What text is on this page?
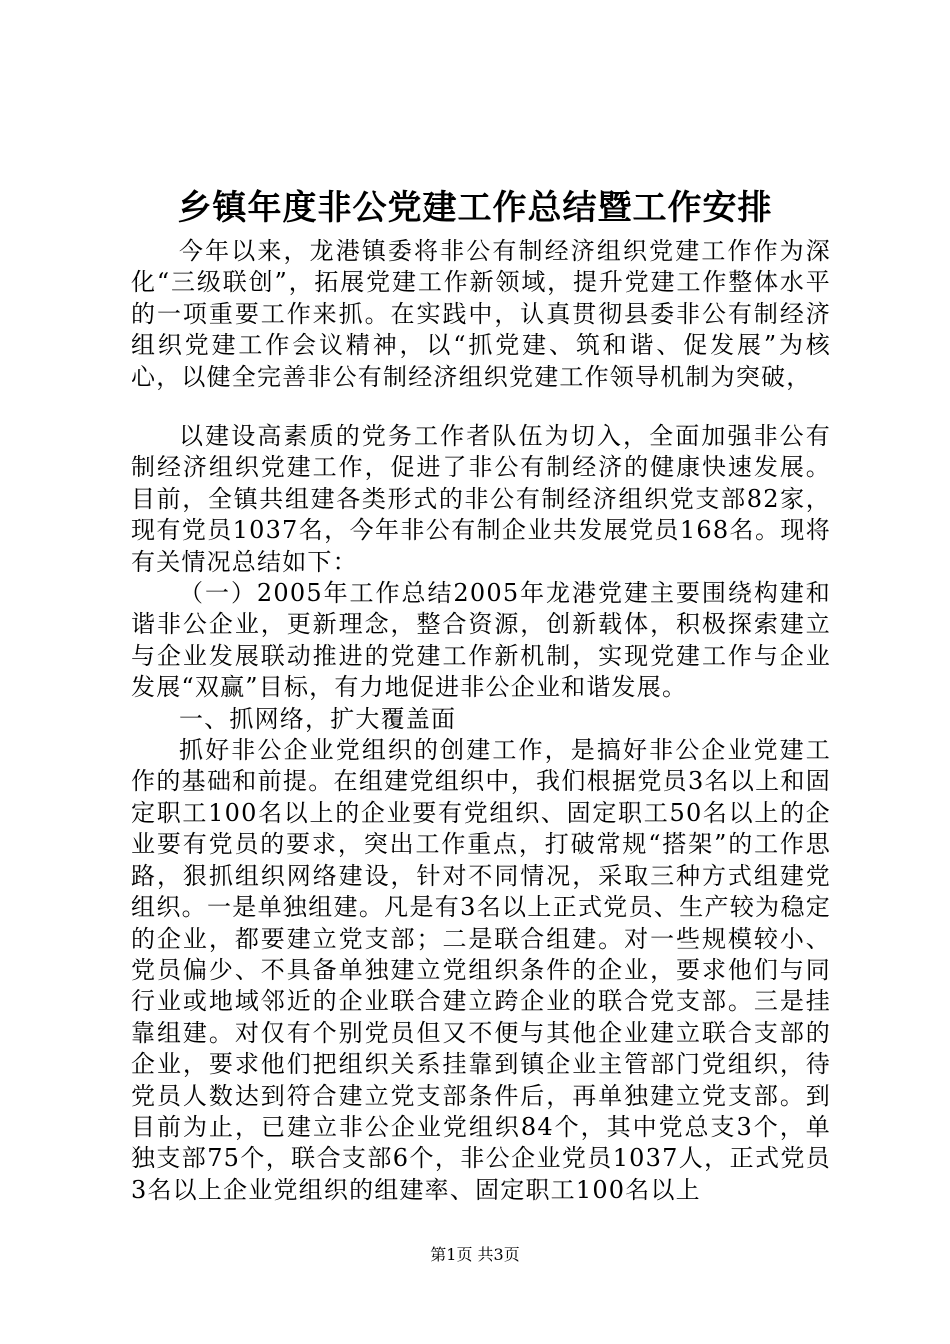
乡镇年度非公党建工作总结暨工作安排

今年以来，龙港镇委将非公有制经济组织党建工作作为深化“三级联创”，拓展党建工作新领域，提升党建工作整体水平的一项重要工作来抓。在实践中，认真贯彻县委非公有制经济组织党建工作会议精神，以“抓党建、筑和谐、促发展”为核心，以健全完善非公有制经济组织党建工作领导机制为突破，

以建设高素质的党务工作者队伍为切入，全面加强非公有制经济组织党建工作，促进了非公有制经济的健康快速发展。目前，全镇共组建各类形式的非公有制经济组织党支部82家，现有党员1037名，今年非公有制企业共发展党员168名。现将有关情况总结如下：

（一）2005年工作总结2005年龙港党建主要围绕构建和谐非公企业，更新理念，整合资源，创新载体，积极探索建立与企业发展联动推进的党建工作新机制，实现党建工作与企业发展“双赢”目标，有力地促进非公企业和谐发展。

一、抓网络，扩大覆盖面

抓好非公企业党组织的创建工作，是搞好非公企业党建工作的基础和前提。在组建党组织中，我们根据党员3名以上和固定职工100名以上的企业要有党组织、固定职工50名以上的企业要有党员的要求，突出工作重点，打破常规“搭架”的工作思路，狠抓组织网络建设，针对不同情况，采取三种方式组建党组织。一是单独组建。凡是有3名以上正式党员、生产较为稳定的企业，都要建立党支部；二是联合组建。对一些规模较小、党员偏少、不具备单独建立党组织条件的企业，要求他们与同行业或地域邻近的企业联合建立跨企业的联合党支部。三是挂靠组建。对仅有个别党员但又不便与其他企业建立联合支部的企业，要求他们把组织关系挂靠到镇企业主管部门党组织，待党员人数达到符合建立党支部条件后，再单独建立党支部。到目前为止，已建立非公企业党组织84个，其中党总支3个，单独支部75个，联合支部6个，非公企业党员1037人，正式党员3名以上企业党组织的组建率、固定职工100名以上

第1页 共3页
